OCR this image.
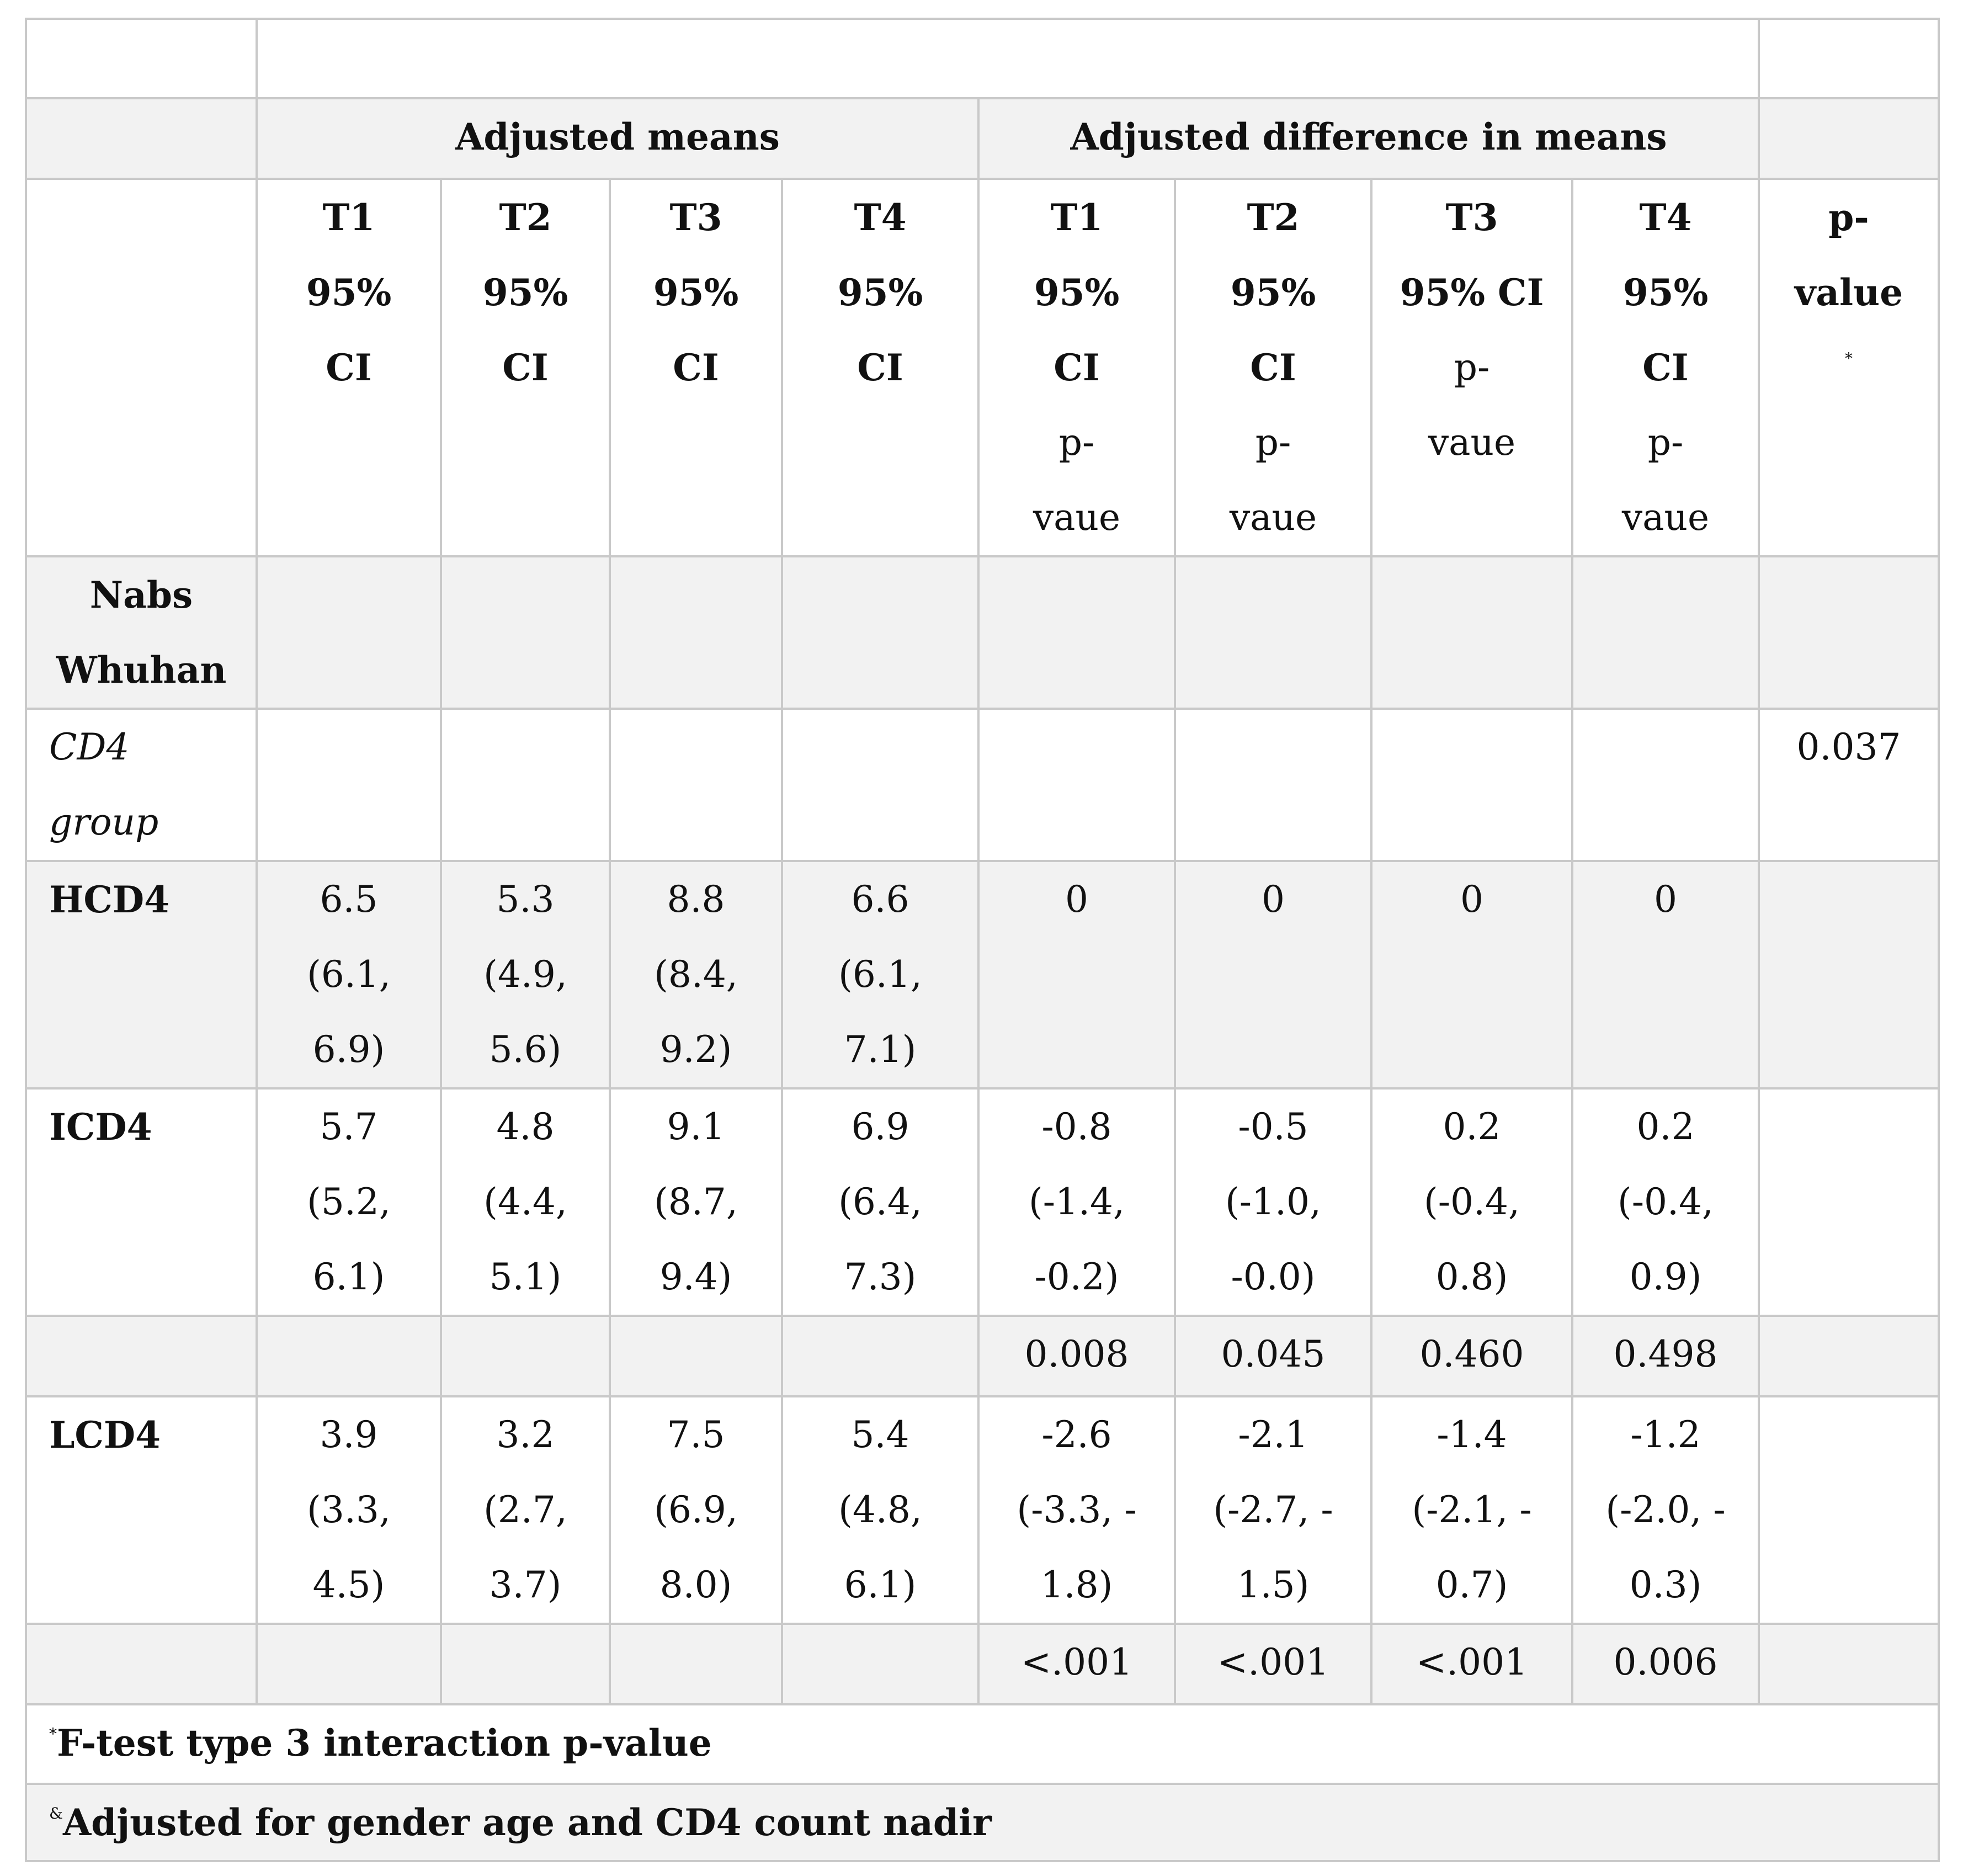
	Adjusted means				Adjusted difference in means				

	T1
95%
CI	T2
95%
CI	T3
95%
CI	T4
95%
CI	T1
95%
CI
p-
vaue	T2
95%
CI
p-
vaue	T3
95% CI
p-
vaue	T4
95%
CI
p-
vaue	p-
value
*

Nabs
Whuhan									

CD4
group									0.037
HCD4	6.5
(6.1,
6.9)	5.3
(4.9,
5.6)	8.8
(8.4,
9.2)	6.6
(6.1,
7.1)	0	0	0	0	
ICD4	5.7
(5.2,
6.1)	4.8
(4.4,
5.1)	9.1
(8.7,
9.4)	6.9
(6.4,
7.3)	-0.8
(-1.4,
-0.2)	-0.5
(-1.0,
-0.0)	0.2
(-0.4,
0.8)	0.2
(-0.4,
0.9)	

					0.008	0.045	0.460	0.498	
LCD4	3.9
(3.3,
4.5)	3.2
(2.7,
3.7)	7.5
(6.9,
8.0)	5.4
(4.8,
6.1)	-2.6
(-3.3, -
1.8)	-2.1
(-2.7, -
1.5)	-1.4
(-2.1, -
0.7)	-1.2
(-2.0, -
0.3)	

					<.001	<.001	<.001	0.006	
*F-test type 3 interaction p-value									
&Adjusted for gender age and CD4 count nadir									
